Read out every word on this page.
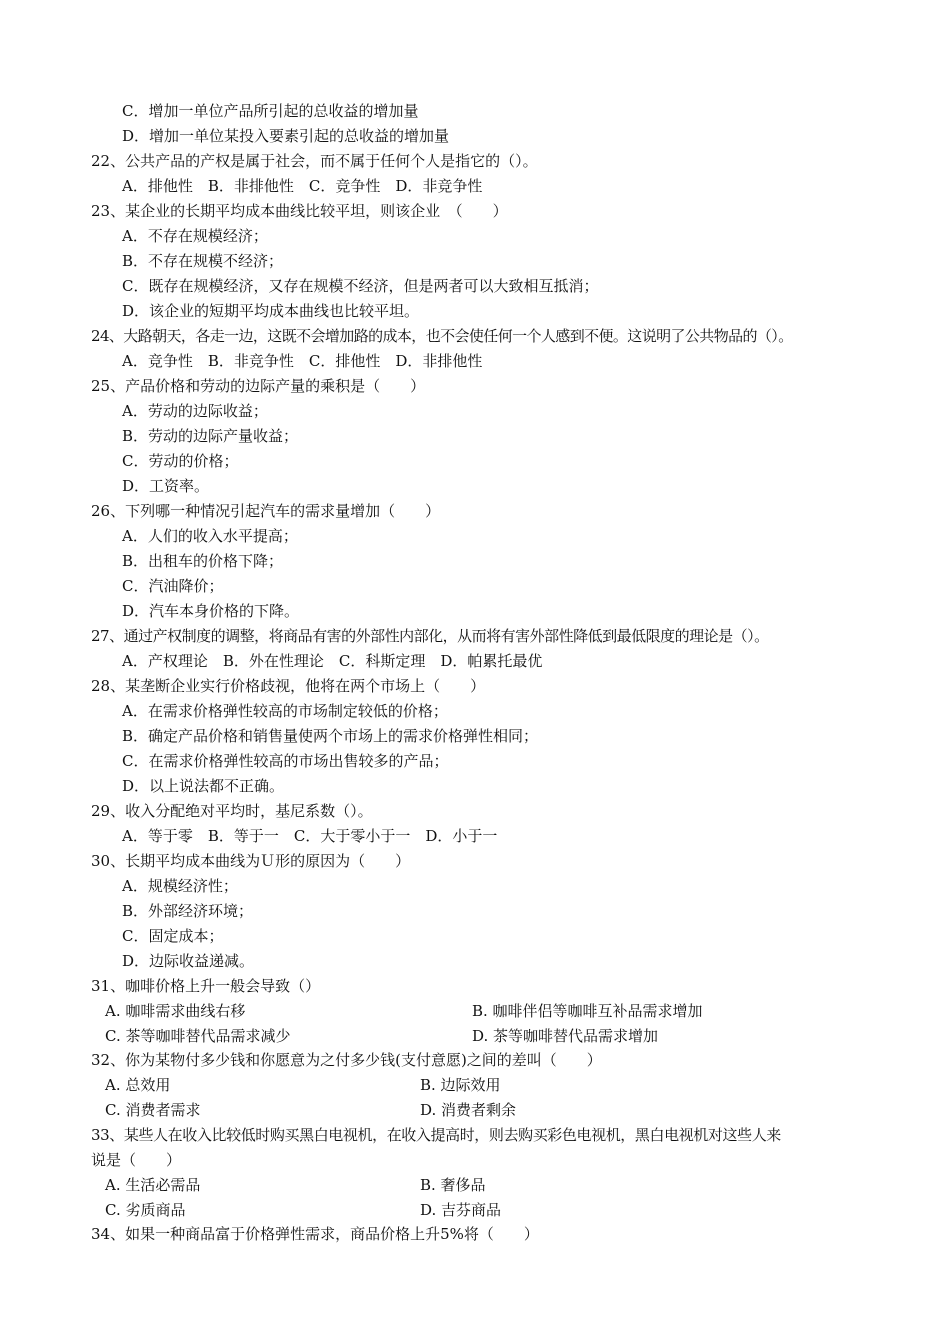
C．增加一单位产品所引起的总收益的增加量
D．增加一单位某投入要素引起的总收益的增加量
22、公共产品的产权是属于社会，而不属于任何个人是指它的（）。
A．排他性　B．非排他性　C．竞争性　D．非竞争性
23、某企业的长期平均成本曲线比较平坦，则该企业　（　　）
A．不存在规模经济；
B．不存在规模不经济；
C．既存在规模经济，又存在规模不经济，但是两者可以大致相互抵消；
D．该企业的短期平均成本曲线也比较平坦。
24、大路朝天，各走一边，这既不会增加路的成本，也不会使任何一个人感到不便。这说明了公共物品的（）。
A．竞争性　B．非竞争性　C．排他性　D．非排他性
25、产品价格和劳动的边际产量的乘积是（　　）
A．劳动的边际收益；
B．劳动的边际产量收益；
C．劳动的价格；
D．工资率。
26、下列哪一种情况引起汽车的需求量增加（　　）
A．人们的收入水平提高；
B．出租车的价格下降；
C．汽油降价；
D．汽车本身价格的下降。
27、通过产权制度的调整，将商品有害的外部性内部化，从而将有害外部性降低到最低限度的理论是（）。
A．产权理论　B．外在性理论　C．科斯定理　D．帕累托最优
28、某垄断企业实行价格歧视，他将在两个市场上（　　）
A．在需求价格弹性较高的市场制定较低的价格；
B．确定产品价格和销售量使两个市场上的需求价格弹性相同；
C．在需求价格弹性较高的市场出售较多的产品；
D．以上说法都不正确。
29、收入分配绝对平均时，基尼系数（）。
A．等于零　B．等于一　C．大于零小于一　D．小于一
30、长期平均成本曲线为Ｕ形的原因为（　　）
A．规模经济性；
B．外部经济环境；
C．固定成本；
D．边际收益递减。
31、咖啡价格上升一般会导致（）
A. 咖啡需求曲线右移	B. 咖啡伴侣等咖啡互补品需求增加
C. 茶等咖啡替代品需求减少	D. 茶等咖啡替代品需求增加
32、你为某物付多少钱和你愿意为之付多少钱(支付意愿)之间的差叫（　　）
A. 总效用	B. 边际效用
C. 消费者需求	D. 消费者剩余
33、某些人在收入比较低时购买黑白电视机，在收入提高时，则去购买彩色电视机，黑白电视机对这些人来
说是（　　）
A. 生活必需品	B. 奢侈品
C. 劣质商品	D. 吉芬商品
34、如果一种商品富于价格弹性需求，商品价格上升5%将（　　）
